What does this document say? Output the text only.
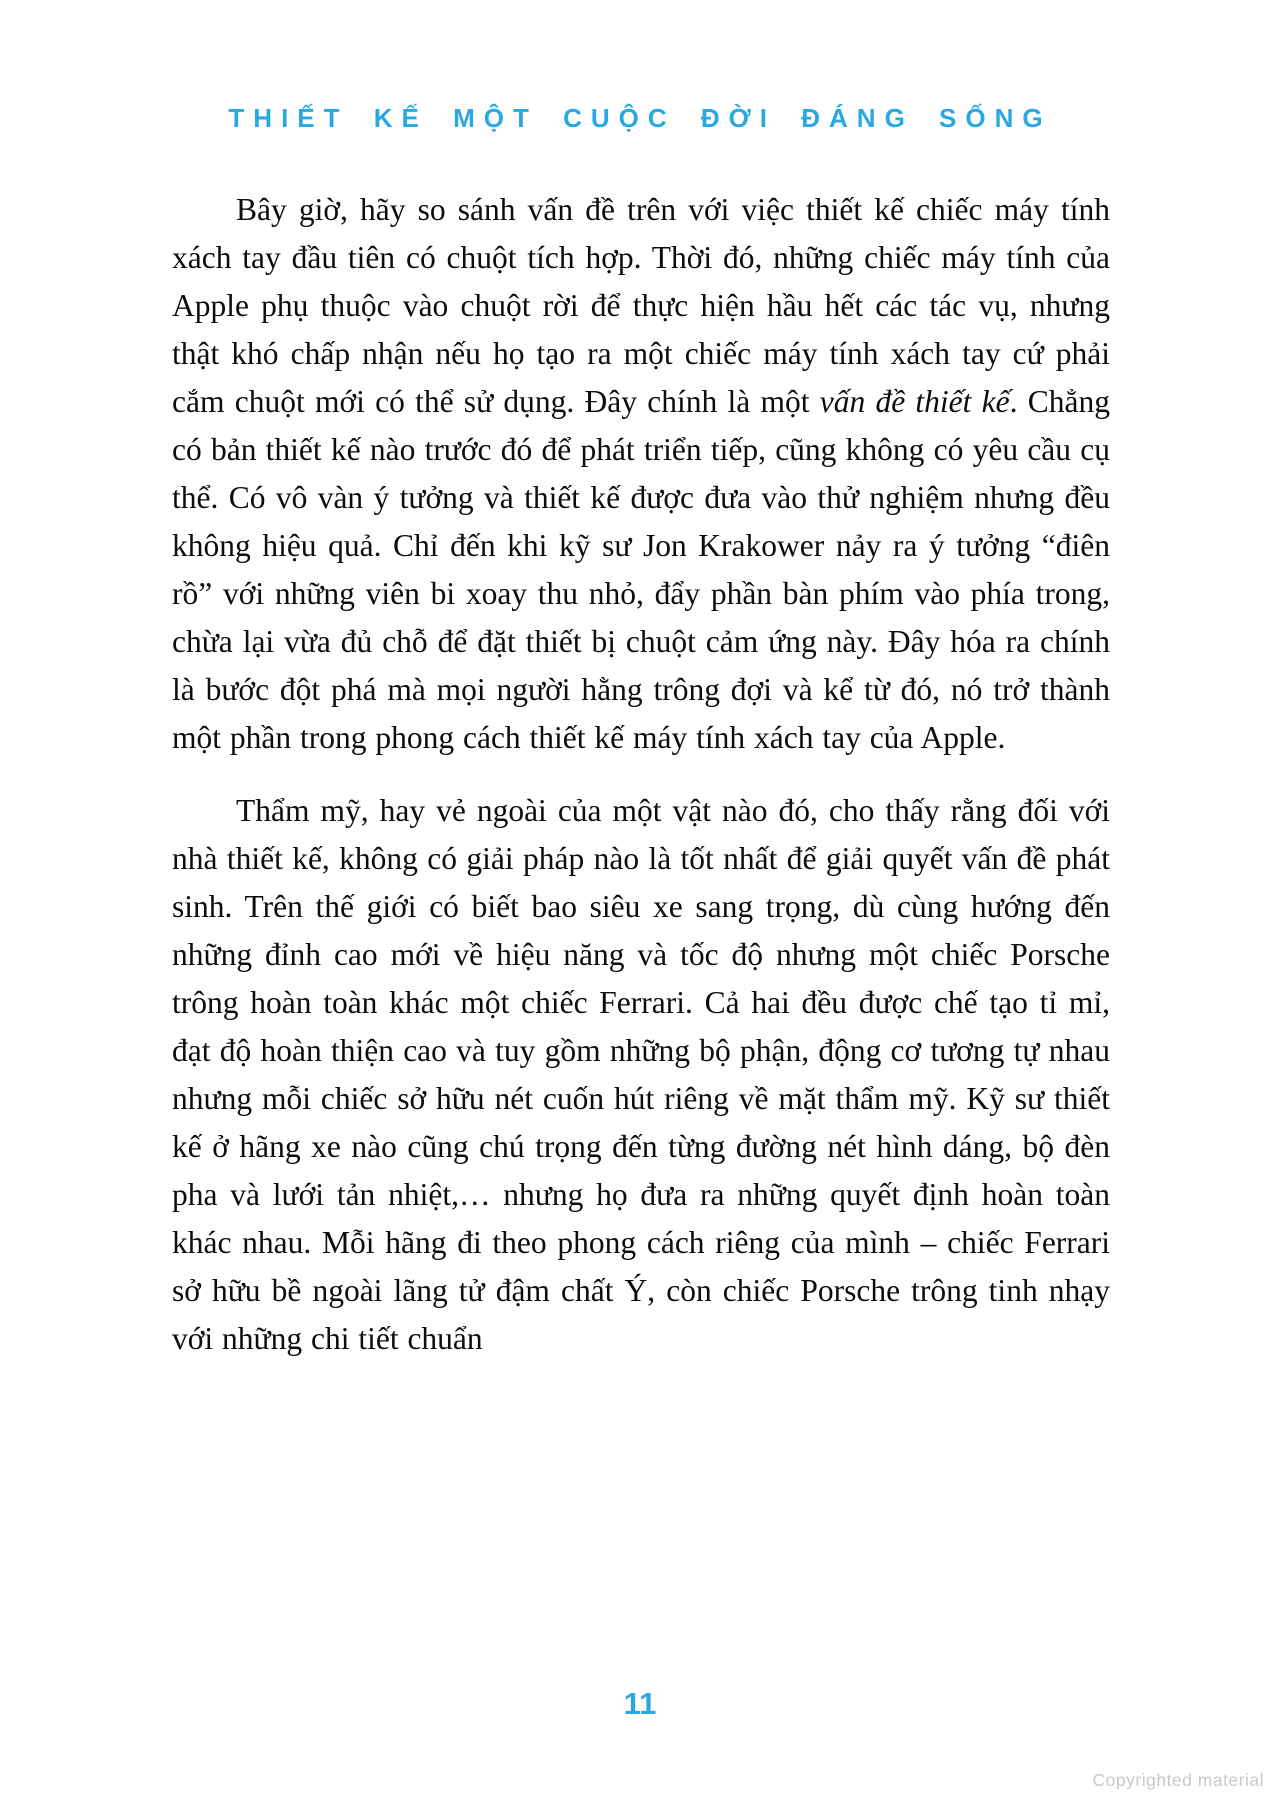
THIẾT KẾ MỘT CUỘC ĐỜI ĐÁNG SỐNG

Bây giờ, hãy so sánh vấn đề trên với việc thiết kế chiếc máy tính xách tay đầu tiên có chuột tích hợp. Thời đó, những chiếc máy tính của Apple phụ thuộc vào chuột rời để thực hiện hầu hết các tác vụ, nhưng thật khó chấp nhận nếu họ tạo ra một chiếc máy tính xách tay cứ phải cắm chuột mới có thể sử dụng. Đây chính là một vấn đề thiết kế. Chẳng có bản thiết kế nào trước đó để phát triển tiếp, cũng không có yêu cầu cụ thể. Có vô vàn ý tưởng và thiết kế được đưa vào thử nghiệm nhưng đều không hiệu quả. Chỉ đến khi kỹ sư Jon Krakower nảy ra ý tưởng “điên rồ” với những viên bi xoay thu nhỏ, đẩy phần bàn phím vào phía trong, chừa lại vừa đủ chỗ để đặt thiết bị chuột cảm ứng này. Đây hóa ra chính là bước đột phá mà mọi người hằng trông đợi và kể từ đó, nó trở thành một phần trong phong cách thiết kế máy tính xách tay của Apple.

Thẩm mỹ, hay vẻ ngoài của một vật nào đó, cho thấy rằng đối với nhà thiết kế, không có giải pháp nào là tốt nhất để giải quyết vấn đề phát sinh. Trên thế giới có biết bao siêu xe sang trọng, dù cùng hướng đến những đỉnh cao mới về hiệu năng và tốc độ nhưng một chiếc Porsche trông hoàn toàn khác một chiếc Ferrari. Cả hai đều được chế tạo tỉ mỉ, đạt độ hoàn thiện cao và tuy gồm những bộ phận, động cơ tương tự nhau nhưng mỗi chiếc sở hữu nét cuốn hút riêng về mặt thẩm mỹ. Kỹ sư thiết kế ở hãng xe nào cũng chú trọng đến từng đường nét hình dáng, bộ đèn pha và lưới tản nhiệt,… nhưng họ đưa ra những quyết định hoàn toàn khác nhau. Mỗi hãng đi theo phong cách riêng của mình – chiếc Ferrari sở hữu bề ngoài lãng tử đậm chất Ý, còn chiếc Porsche trông tinh nhạy với những chi tiết chuẩn

11
Copyrighted material
